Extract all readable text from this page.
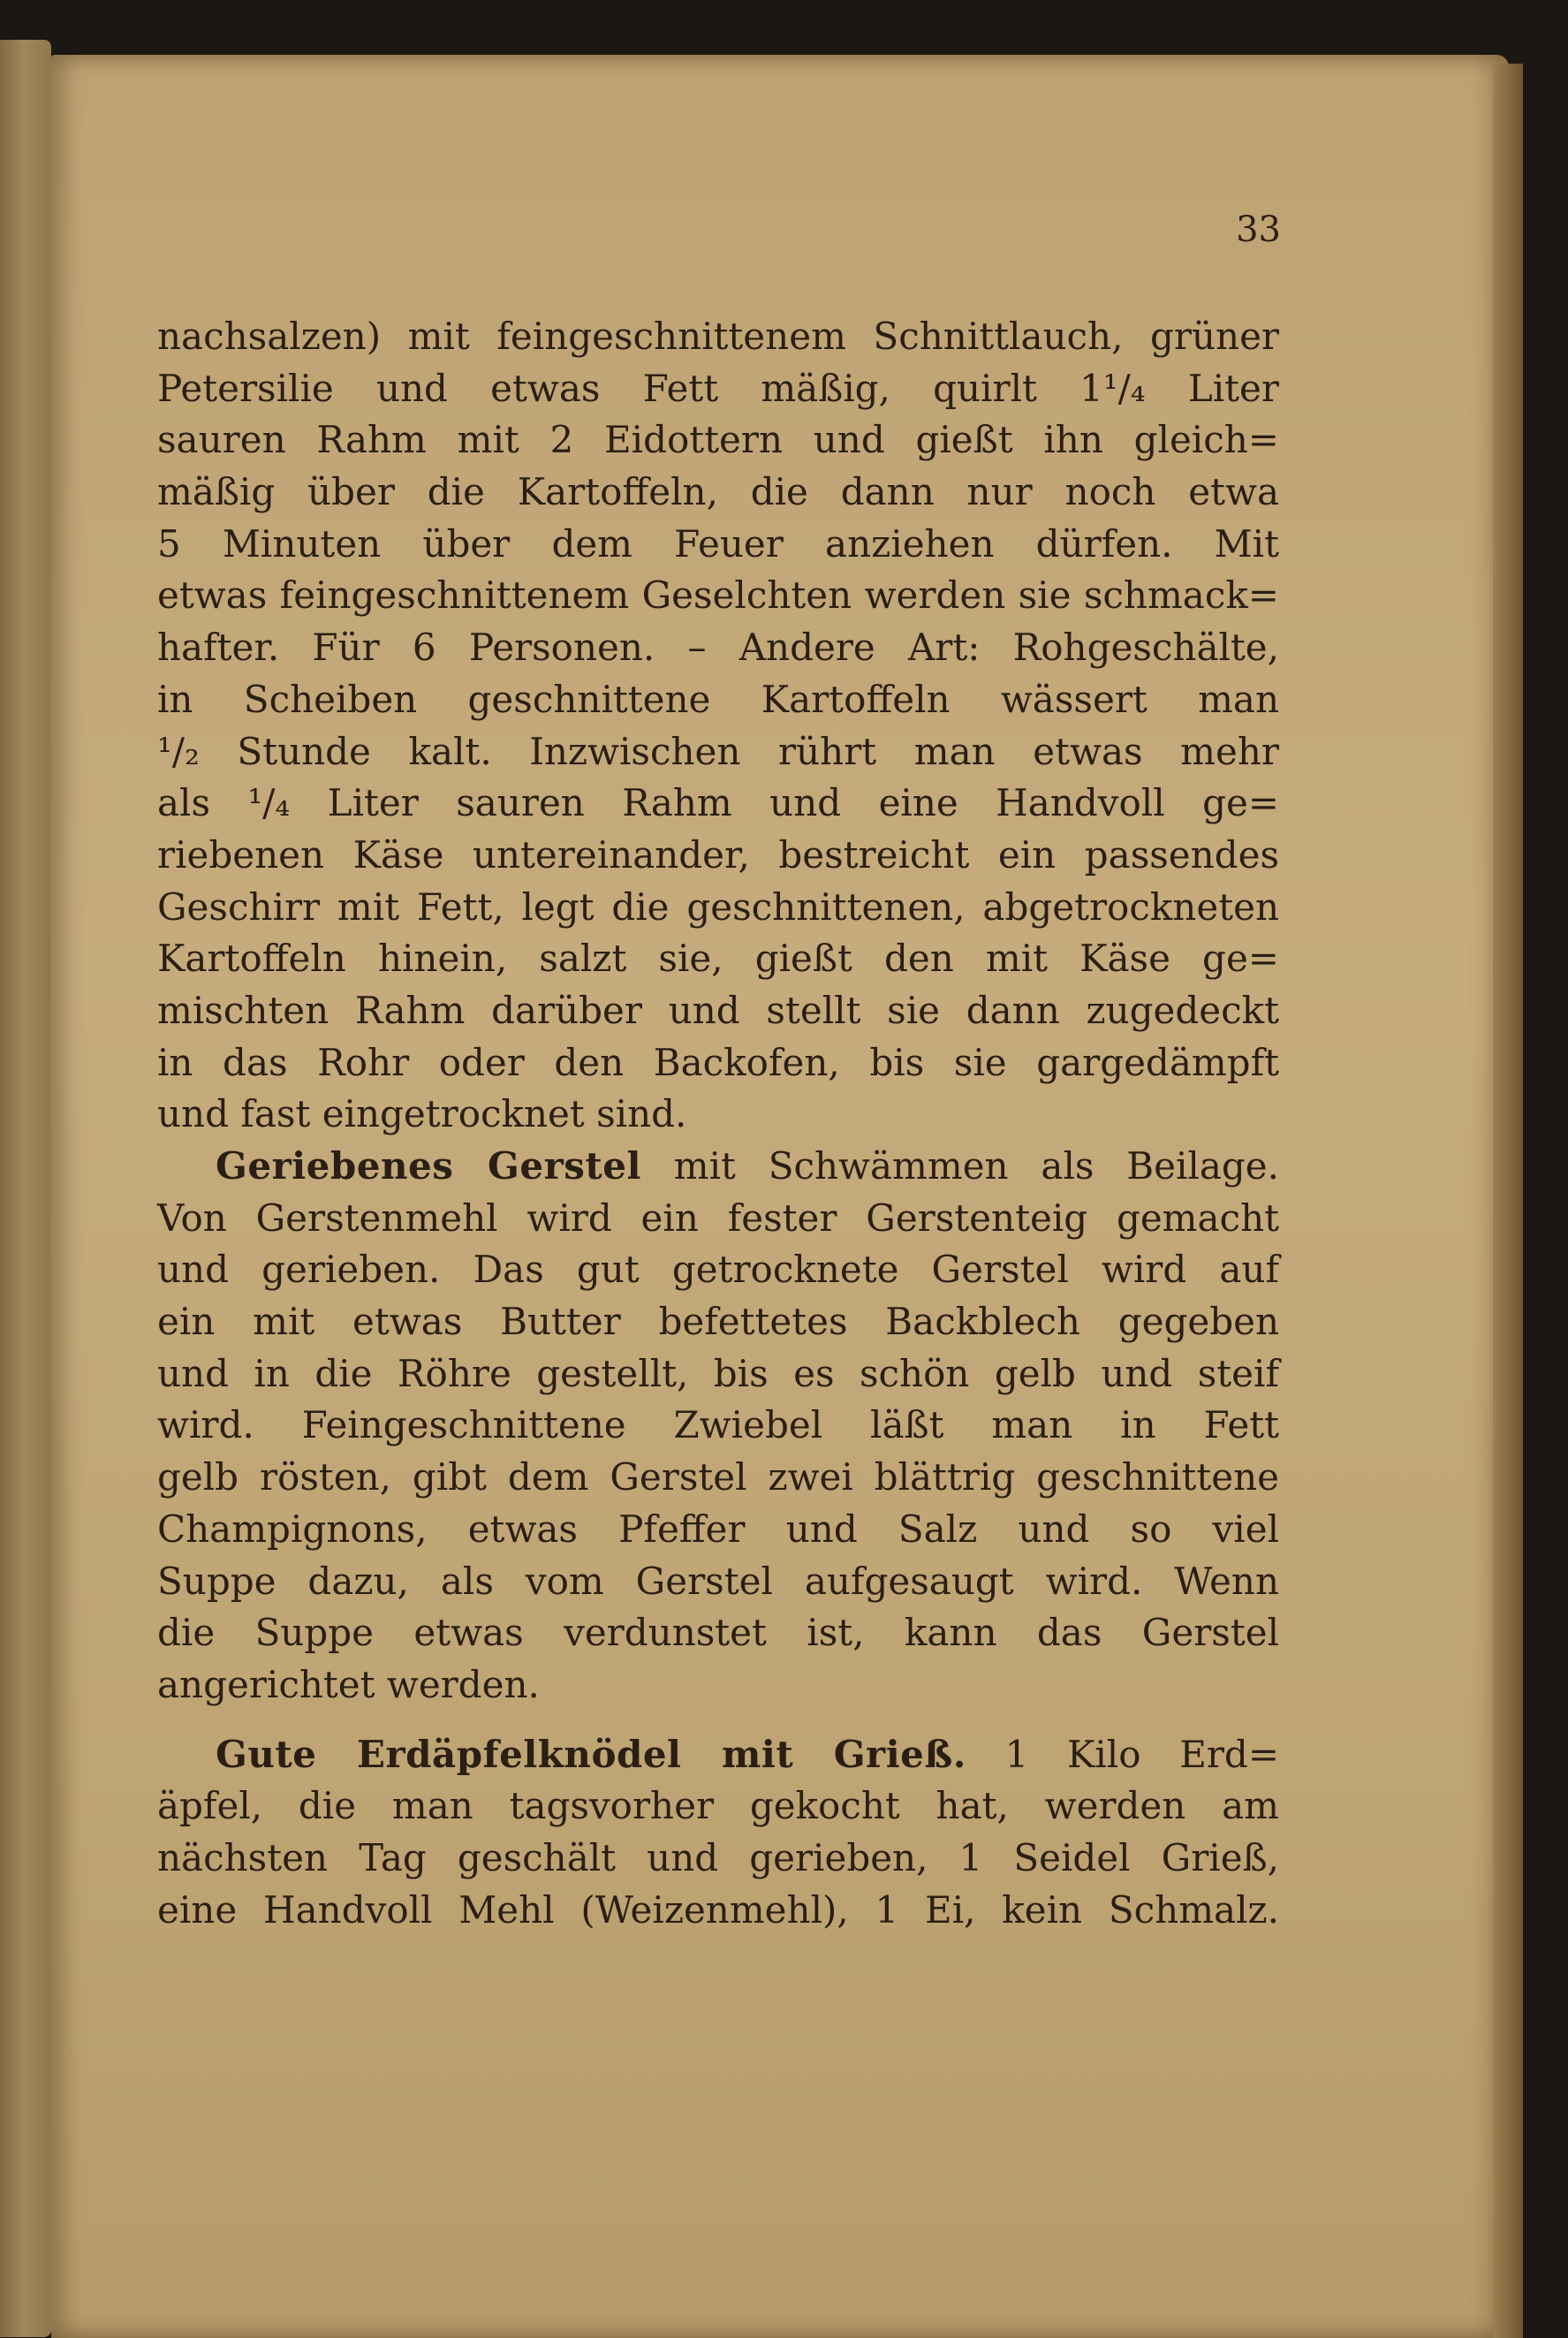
33
nachsalzen) mit feingeschnittenem Schnittlauch, grüner
Petersilie und etwas Fett mäßig, quirlt 1¹/₄ Liter
sauren Rahm mit 2 Eidottern und gießt ihn gleich=
mäßig über die Kartoffeln, die dann nur noch etwa
5 Minuten über dem Feuer anziehen dürfen. Mit
etwas feingeschnittenem Geselchten werden sie schmack=
hafter. Für 6 Personen. – Andere Art: Rohgeschälte,
in Scheiben geschnittene Kartoffeln wässert man
¹/₂ Stunde kalt. Inzwischen rührt man etwas mehr
als ¹/₄ Liter sauren Rahm und eine Handvoll ge=
riebenen Käse untereinander, bestreicht ein passendes
Geschirr mit Fett, legt die geschnittenen, abgetrockneten
Kartoffeln hinein, salzt sie, gießt den mit Käse ge=
mischten Rahm darüber und stellt sie dann zugedeckt
in das Rohr oder den Backofen, bis sie gargedämpft
und fast eingetrocknet sind.
Geriebenes Gerstel mit Schwämmen als Beilage.
Von Gerstenmehl wird ein fester Gerstenteig gemacht
und gerieben. Das gut getrocknete Gerstel wird auf
ein mit etwas Butter befettetes Backblech gegeben
und in die Röhre gestellt, bis es schön gelb und steif
wird. Feingeschnittene Zwiebel läßt man in Fett
gelb rösten, gibt dem Gerstel zwei blättrig geschnittene
Champignons, etwas Pfeffer und Salz und so viel
Suppe dazu, als vom Gerstel aufgesaugt wird. Wenn
die Suppe etwas verdunstet ist, kann das Gerstel
angerichtet werden.
Gute Erdäpfelknödel mit Grieß. 1 Kilo Erd=
äpfel, die man tagsvorher gekocht hat, werden am
nächsten Tag geschält und gerieben, 1 Seidel Grieß,
eine Handvoll Mehl (Weizenmehl), 1 Ei, kein Schmalz.
